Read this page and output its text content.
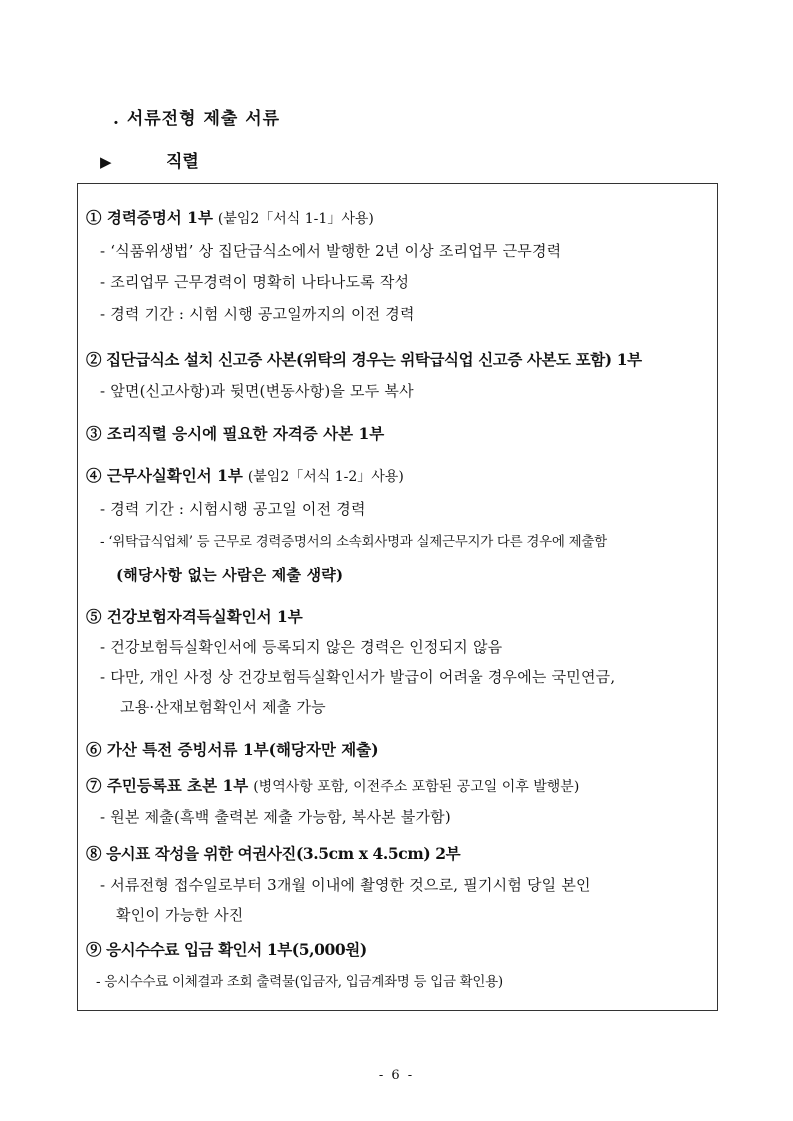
. 서류전형 제출 서류
▶	직렬
① 경력증명서 1부 (붙임2「서식 1-1」사용)
- ‘식품위생법’ 상 집단급식소에서 발행한 2년 이상 조리업무 근무경력
- 조리업무 근무경력이 명확히 나타나도록 작성
- 경력 기간 : 시험 시행 공고일까지의 이전 경력
② 집단급식소 설치 신고증 사본(위탁의 경우는 위탁급식업 신고증 사본도 포함) 1부
- 앞면(신고사항)과 뒷면(변동사항)을 모두 복사
③ 조리직렬 응시에 필요한 자격증 사본 1부
④ 근무사실확인서 1부 (붙임2「서식 1-2」사용)
- 경력 기간 : 시험시행 공고일 이전 경력
- ‘위탁급식업체’ 등 근무로 경력증명서의 소속회사명과 실제근무지가 다른 경우에 제출함
(해당사항 없는 사람은 제출 생략)
⑤ 건강보험자격득실확인서 1부
- 건강보험득실확인서에 등록되지 않은 경력은 인정되지 않음
- 다만, 개인 사정 상 건강보험득실확인서가 발급이 어려울 경우에는 국민연금,
고용·산재보험확인서 제출 가능
⑥ 가산 특전 증빙서류 1부(해당자만 제출)
⑦ 주민등록표 초본 1부 (병역사항 포함, 이전주소 포함된 공고일 이후 발행분)
- 원본 제출(흑백 출력본 제출 가능함, 복사본 불가함)
⑧ 응시표 작성을 위한 여권사진(3.5cm x 4.5cm) 2부
- 서류전형 접수일로부터 3개월 이내에 촬영한 것으로, 필기시험 당일 본인
확인이 가능한 사진
⑨ 응시수수료 입금 확인서 1부(5,000원)
- 응시수수료 이체결과 조회 출력물(입금자, 입금계좌명 등 입금 확인용)
- 6 -
